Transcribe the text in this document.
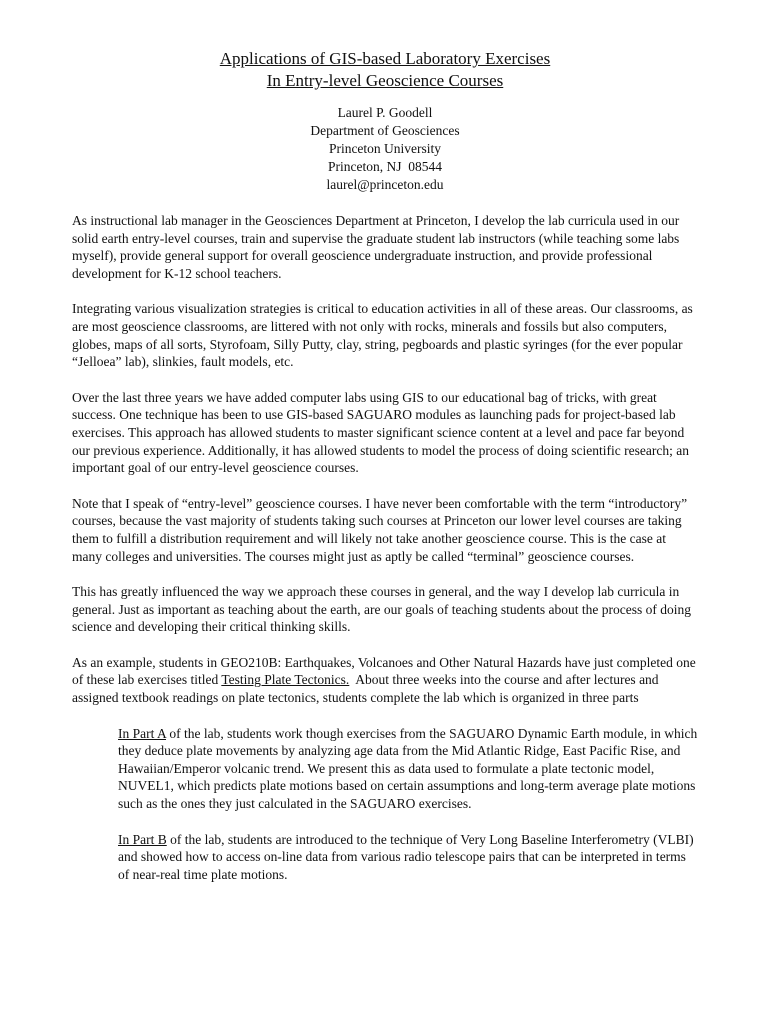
Applications of GIS-based Laboratory Exercises
In Entry-level Geoscience Courses
Laurel P. Goodell
Department of Geosciences
Princeton University
Princeton, NJ  08544
laurel@princeton.edu

As instructional lab manager in the Geosciences Department at Princeton, I develop the lab curricula used in our solid earth entry-level courses, train and supervise the graduate student lab instructors (while teaching some labs myself), provide general support for overall geoscience undergraduate instruction, and provide professional development for K-12 school teachers.

Integrating various visualization strategies is critical to education activities in all of these areas. Our classrooms, as are most geoscience classrooms, are littered with not only with rocks, minerals and fossils but also computers, globes, maps of all sorts, Styrofoam, Silly Putty, clay, string, pegboards and plastic syringes (for the ever popular “Jelloea” lab), slinkies, fault models, etc.

Over the last three years we have added computer labs using GIS to our educational bag of tricks, with great success. One technique has been to use GIS-based SAGUARO modules as launching pads for project-based lab exercises. This approach has allowed students to master significant science content at a level and pace far beyond our previous experience. Additionally, it has allowed students to model the process of doing scientific research; an important goal of our entry-level geoscience courses.

Note that I speak of “entry-level” geoscience courses. I have never been comfortable with the term “introductory” courses, because the vast majority of students taking such courses at Princeton our lower level courses are taking them to fulfill a distribution requirement and will likely not take another geoscience course. This is the case at many colleges and universities. The courses might just as aptly be called “terminal” geoscience courses.

This has greatly influenced the way we approach these courses in general, and the way I develop lab curricula in general. Just as important as teaching about the earth, are our goals of teaching students about the process of doing science and developing their critical thinking skills.

As an example, students in GEO210B: Earthquakes, Volcanoes and Other Natural Hazards have just completed one of these lab exercises titled Testing Plate Tectonics.  About three weeks into the course and after lectures and assigned textbook readings on plate tectonics, students complete the lab which is organized in three parts

In Part A of the lab, students work though exercises from the SAGUARO Dynamic Earth module, in which they deduce plate movements by analyzing age data from the Mid Atlantic Ridge, East Pacific Rise, and Hawaiian/Emperor volcanic trend. We present this as data used to formulate a plate tectonic model, NUVEL1, which predicts plate motions based on certain assumptions and long-term average plate motions such as the ones they just calculated in the SAGUARO exercises.

In Part B of the lab, students are introduced to the technique of Very Long Baseline Interferometry (VLBI) and showed how to access on-line data from various radio telescope pairs that can be interpreted in terms of near-real time plate motions.
